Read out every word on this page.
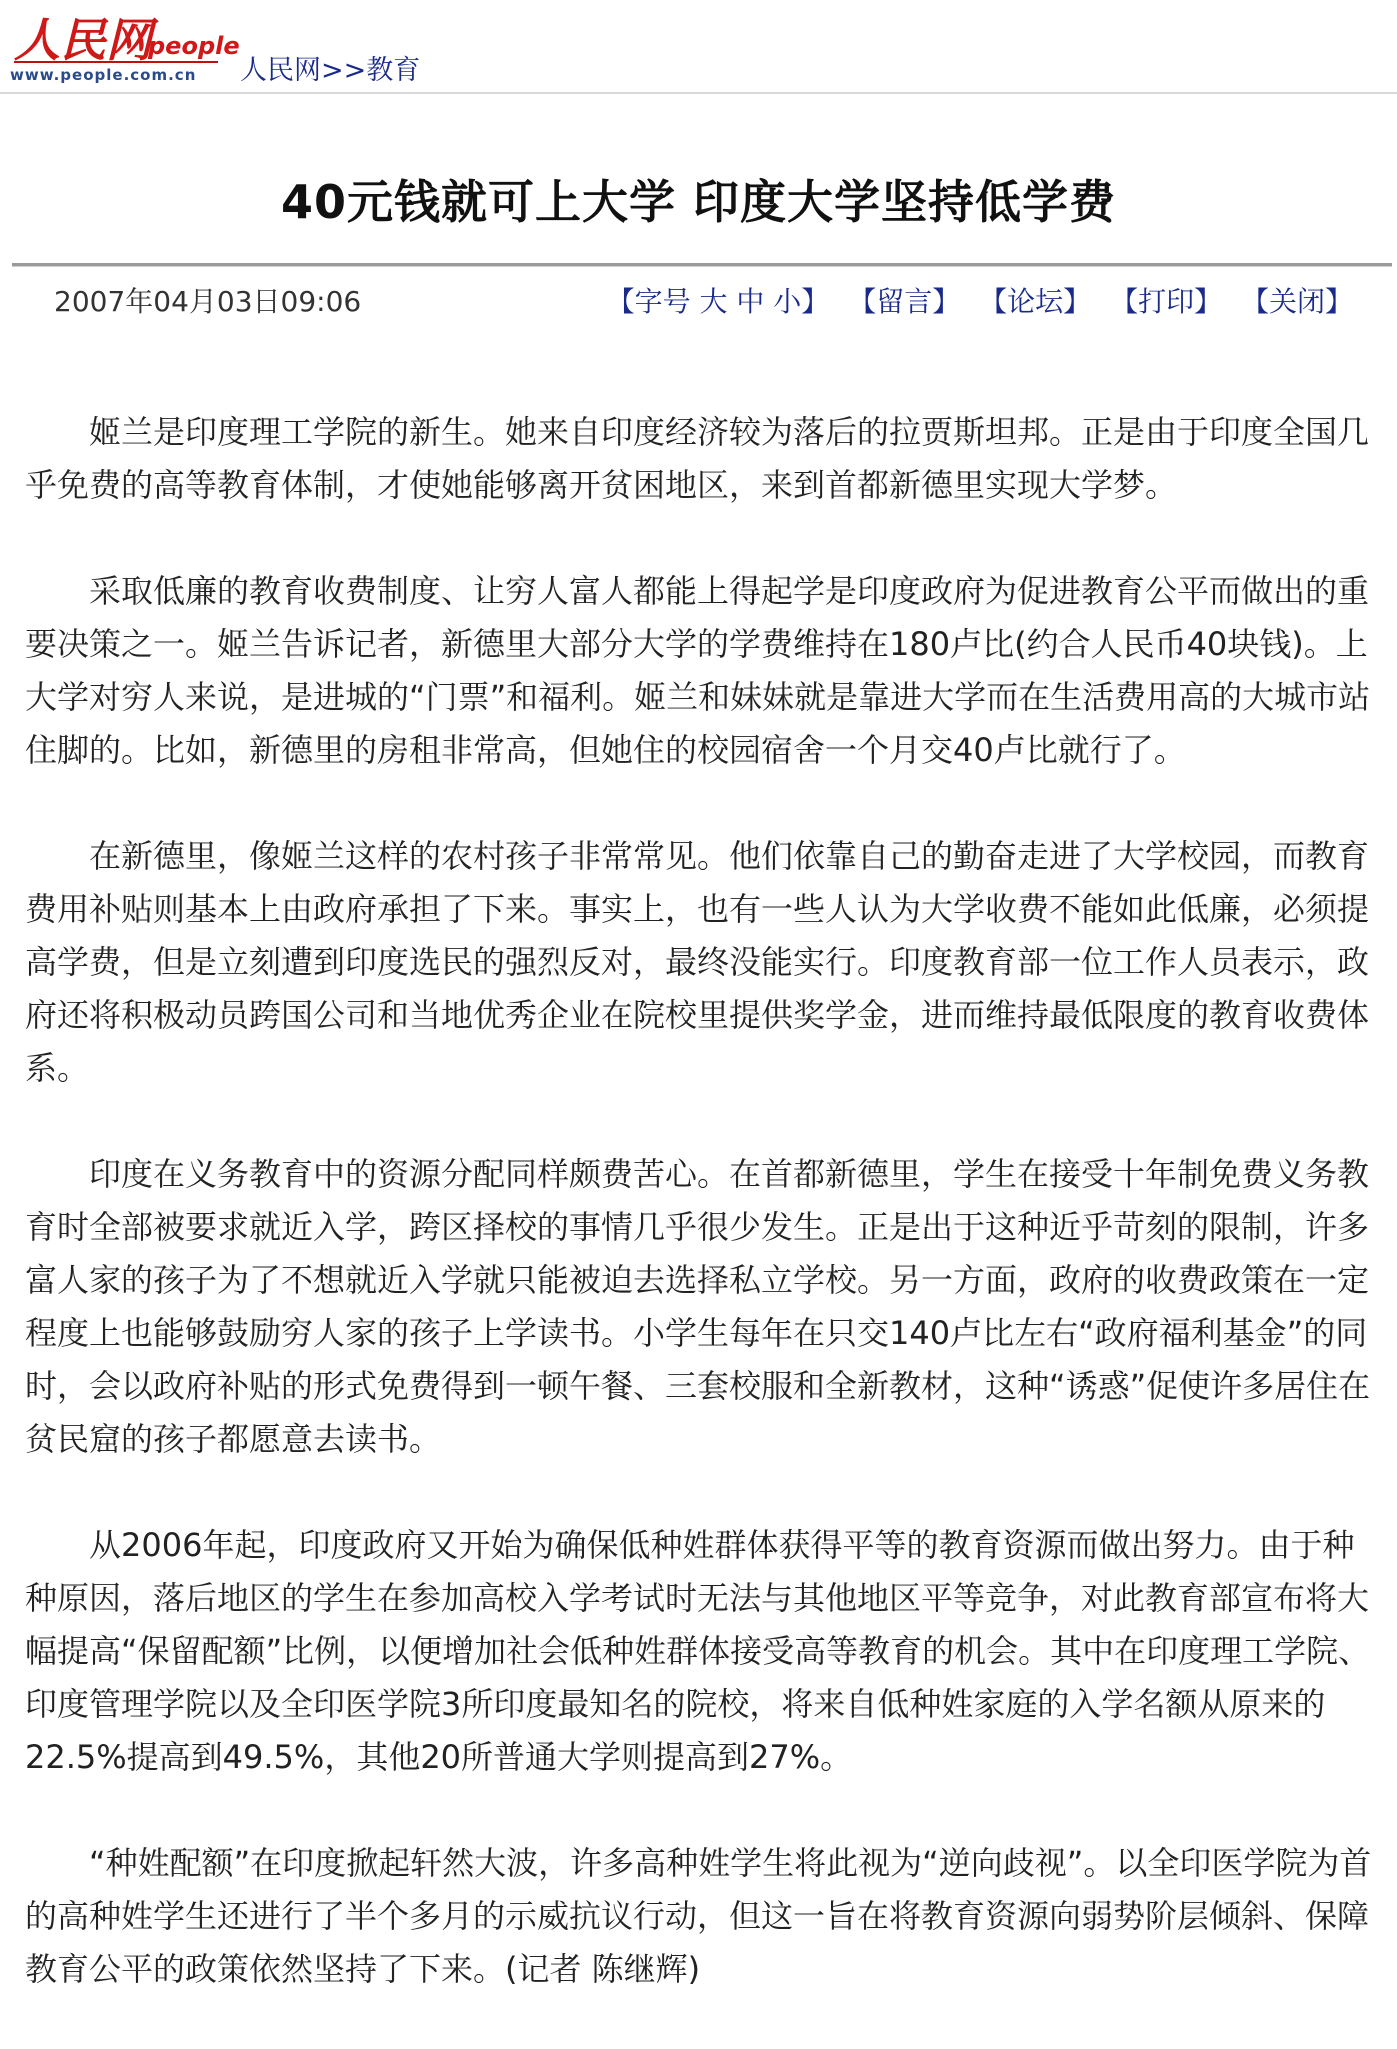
人民网
people
www.people.com.cn 人民网>>教育
40元钱就可上大学 印度大学坚持低学费
2007年04月03日09:06	【字号 大 中 小】 【留言】 【论坛】 【打印】 【关闭】

姬兰是印度理工学院的新生。她来自印度经济较为落后的拉贾斯坦邦。正是由于印度全国几乎免费的高等教育体制，才使她能够离开贫困地区，来到首都新德里实现大学梦。

采取低廉的教育收费制度、让穷人富人都能上得起学是印度政府为促进教育公平而做出的重要决策之一。姬兰告诉记者，新德里大部分大学的学费维持在180卢比(约合人民币40块钱)。上大学对穷人来说，是进城的“门票”和福利。姬兰和妹妹就是靠进大学而在生活费用高的大城市站住脚的。比如，新德里的房租非常高，但她住的校园宿舍一个月交40卢比就行了。

在新德里，像姬兰这样的农村孩子非常常见。他们依靠自己的勤奋走进了大学校园，而教育费用补贴则基本上由政府承担了下来。事实上，也有一些人认为大学收费不能如此低廉，必须提高学费，但是立刻遭到印度选民的强烈反对，最终没能实行。印度教育部一位工作人员表示，政府还将积极动员跨国公司和当地优秀企业在院校里提供奖学金，进而维持最低限度的教育收费体系。

印度在义务教育中的资源分配同样颇费苦心。在首都新德里，学生在接受十年制免费义务教育时全部被要求就近入学，跨区择校的事情几乎很少发生。正是出于这种近乎苛刻的限制，许多富人家的孩子为了不想就近入学就只能被迫去选择私立学校。另一方面，政府的收费政策在一定程度上也能够鼓励穷人家的孩子上学读书。小学生每年在只交140卢比左右“政府福利基金”的同时，会以政府补贴的形式免费得到一顿午餐、三套校服和全新教材，这种“诱惑”促使许多居住在贫民窟的孩子都愿意去读书。

从2006年起，印度政府又开始为确保低种姓群体获得平等的教育资源而做出努力。由于种种原因，落后地区的学生在参加高校入学考试时无法与其他地区平等竞争，对此教育部宣布将大幅提高“保留配额”比例，以便增加社会低种姓群体接受高等教育的机会。其中在印度理工学院、印度管理学院以及全印医学院3所印度最知名的院校，将来自低种姓家庭的入学名额从原来的22.5%提高到49.5%，其他20所普通大学则提高到27%。

“种姓配额”在印度掀起轩然大波，许多高种姓学生将此视为“逆向歧视”。以全印医学院为首的高种姓学生还进行了半个多月的示威抗议行动，但这一旨在将教育资源向弱势阶层倾斜、保障教育公平的政策依然坚持了下来。(记者 陈继辉)
